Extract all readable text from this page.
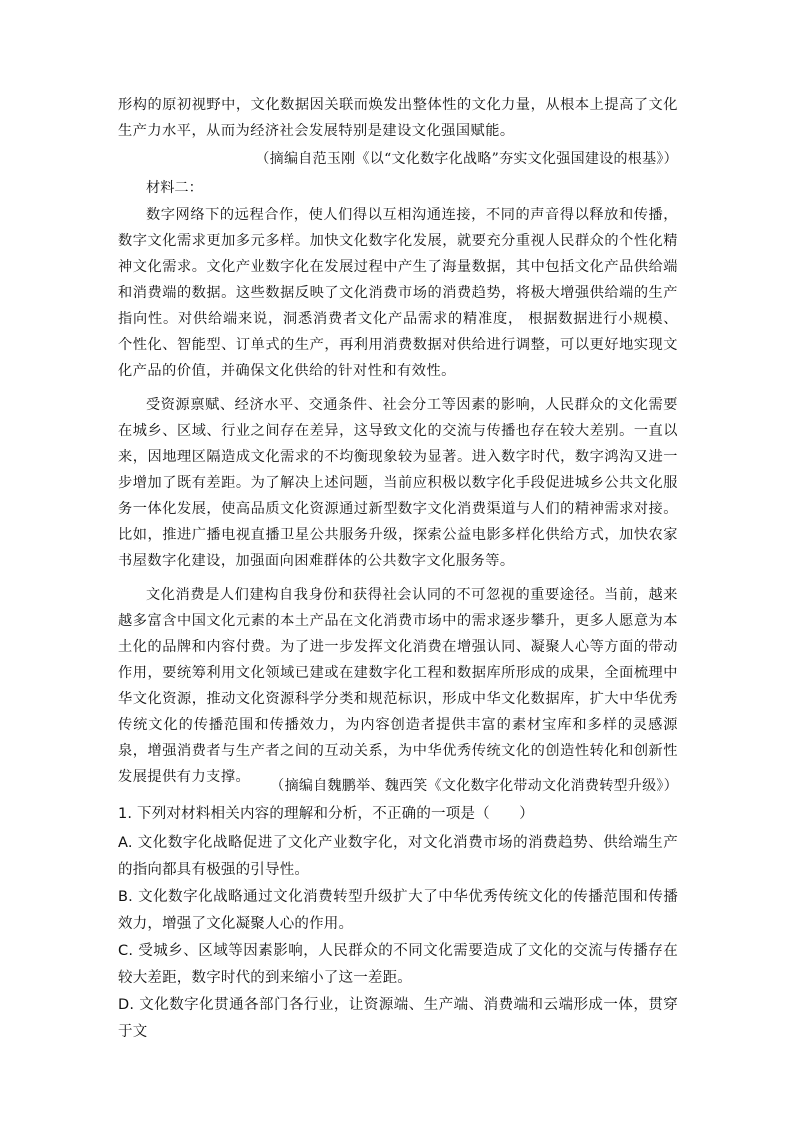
形构的原初视野中，文化数据因关联而焕发出整体性的文化力量，从根本上提高了文化生产力水平，从而为经济社会发展特别是建设文化强国赋能。

（摘编自范玉刚《以“文化数字化战略”夯实文化强国建设的根基》）

材料二：

数字网络下的远程合作，使人们得以互相沟通连接，不同的声音得以释放和传播，数字文化需求更加多元多样。加快文化数字化发展，就要充分重视人民群众的个性化精神文化需求。文化产业数字化在发展过程中产生了海量数据，其中包括文化产品供给端和消费端的数据。这些数据反映了文化消费市场的消费趋势，将极大增强供给端的生产指向性。对供给端来说，洞悉消费者文化产品需求的精准度， 根据数据进行小规模、个性化、智能型、订单式的生产，再利用消费数据对供给进行调整，可以更好地实现文化产品的价值，并确保文化供给的针对性和有效性。

受资源禀赋、经济水平、交通条件、社会分工等因素的影响，人民群众的文化需要在城乡、区域、行业之间存在差异，这导致文化的交流与传播也存在较大差别。一直以来，因地理区隔造成文化需求的不均衡现象较为显著。进入数字时代，数字鸿沟又进一步增加了既有差距。为了解决上述问题，当前应积极以数字化手段促进城乡公共文化服务一体化发展，使高品质文化资源通过新型数字文化消费渠道与人们的精神需求对接。比如，推进广播电视直播卫星公共服务升级，探索公益电影多样化供给方式，加快农家书屋数字化建设，加强面向困难群体的公共数字文化服务等。

文化消费是人们建构自我身份和获得社会认同的不可忽视的重要途径。当前，越来越多富含中国文化元素的本土产品在文化消费市场中的需求逐步攀升，更多人愿意为本土化的品牌和内容付费。为了进一步发挥文化消费在增强认同、凝聚人心等方面的带动作用，要统筹利用文化领域已建或在建数字化工程和数据库所形成的成果，全面梳理中华文化资源，推动文化资源科学分类和规范标识，形成中华文化数据库，扩大中华优秀传统文化的传播范围和传播效力，为内容创造者提供丰富的素材宝库和多样的灵感源泉，增强消费者与生产者之间的互动关系，为中华优秀传统文化的创造性转化和创新性发展提供有力支撑。

（摘编自魏鹏举、魏西笑《文化数字化带动文化消费转型升级》）

1. 下列对材料相关内容的理解和分析，不正确的一项是（　　）

A. 文化数字化战略促进了文化产业数字化，对文化消费市场的消费趋势、供给端生产的指向都具有极强的引导性。

B. 文化数字化战略通过文化消费转型升级扩大了中华优秀传统文化的传播范围和传播效力，增强了文化凝聚人心的作用。

C. 受城乡、区域等因素影响，人民群众的不同文化需要造成了文化的交流与传播存在较大差距，数字时代的到来缩小了这一差距。

D. 文化数字化贯通各部门各行业，让资源端、生产端、消费端和云端形成一体，贯穿于文
